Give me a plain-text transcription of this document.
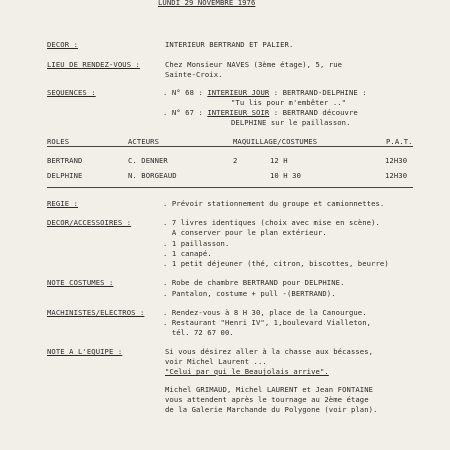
LUNDI 29 NOVEMBRE 1976
DECOR :	INTERIEUR BERTRAND ET PALIER.
LIEU DE RENDEZ-VOUS :	Chez Monsieur NAVES (3ème étage), 5, rue
Sainte-Croix.
SEQUENCES :	. N° 68 : INTERIEUR JOUR : BERTRAND-DELPHINE :
"Tu lis pour m'embêter .."
. N° 67 : INTERIEUR SOIR : BERTRAND découvre
DELPHINE sur le paillasson.
ROLES	ACTEURS	MAQUILLAGE/COSTUMES	P.A.T.
BERTRAND	C. DENNER	2	12 H	12H30
DELPHINE	N. BORGEAUD	10 H 30	12H30
REGIE :	. Prévoir stationnement du groupe et camionnettes.
DECOR/ACCESSOIRES :	. 7 livres identiques (choix avec mise en scène).
A conserver pour le plan extérieur.
. 1 paillasson.
. 1 canapé.
. 1 petit déjeuner (thé, citron, biscottes, beurre)
NOTE COSTUMES :	. Robe de chambre BERTRAND pour DELPHINE.
. Pantalon, costume + pull -(BERTRAND).
MACHINISTES/ELECTROS :	. Rendez-vous à 8 H 30, place de la Canourgue.
. Restaurant "Henri IV", 1,boulevard Vialleton,
tél. 72 67 00.
NOTE A L'EQUIPE :	Si vous désirez aller à la chasse aux bécasses,
voir Michel Laurent ...
"Celui par qui le Beaujolais arrive".
Michel GRIMAUD, Michel LAURENT et Jean FONTAINE
vous attendent après le tournage au 2ème étage
de la Galerie Marchande du Polygone (voir plan).
